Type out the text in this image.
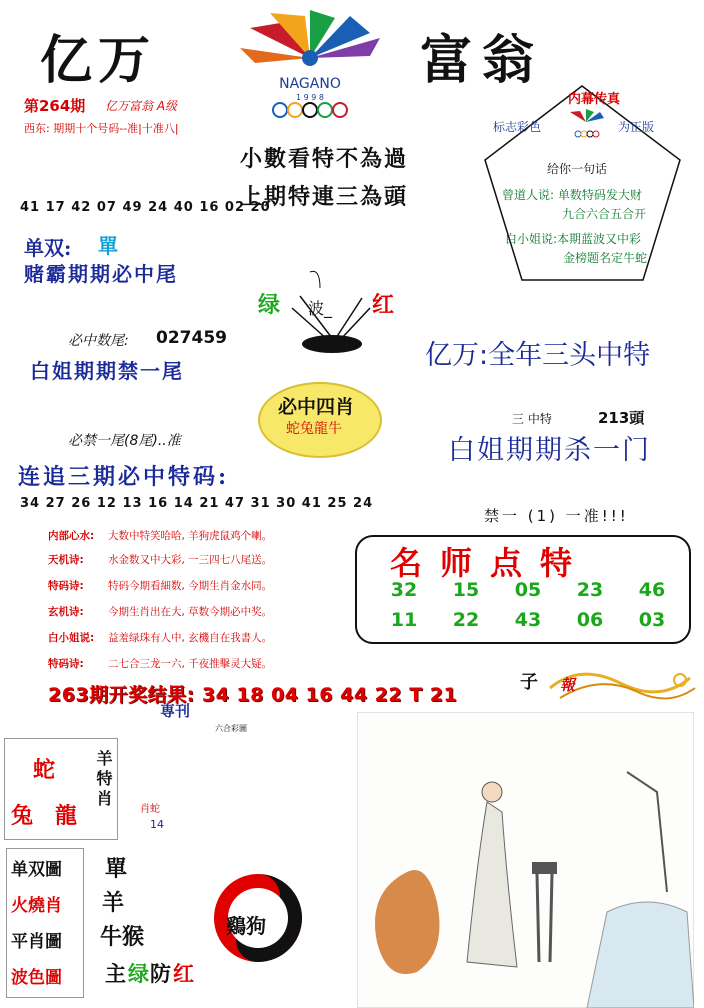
亿万	富翁
NAGANO
1 9 9 8
第264期 亿万富翁 A级
西东: 期期十个号码--准|十准八|
小數看特不為過
上期特連三為頭
内幕传真
标志彩色	为正版
给你一句话
曾道人说: 单数特码发大财
九合六合五合开
白小姐说:本期蓝波又中彩
金榜题名定牛蛇
41 17 42 07 49 24 40 16 02 20
单双: 單
赌霸期期必中尾
绿 波_ 红
必中数尾: 027459
白姐期期禁一尾	亿万:全年三头中特
必中四肖
蛇兔龍牛
必禁一尾(8尾)..准
三 中特	213頭
白姐期期杀一门
连追三期必中特码:
34 27 26 12 13 16 14 21 47 31 30 41 25 24
禁一 (1) 一准!!!
内部心水: 大数中特笑哈哈, 羊狗虎鼠鸡个喇。
天机诗: 水金数又中大彩, 一三四七八尾送。
特码诗: 特码今期看細数, 今期生肖金水同。
玄机诗: 今期生肖出在大, 草数今期必中奖。
白小姐说: 益羞绿珠有人中, 玄機自在我書人。
特码诗: 二七合三龙一六, 千夜推擊灵大疑。
32	15	05	23	46
11	22	43	06	03
名师点特
263期开奖结果: 34 18 04 16 44 22 T 21
子 報
専刊
六合彩圖
蛇
兔 龍
羊特肖	肖蛇
14
单双圖
火燒肖
平肖圖
波色圖
單
羊
牛猴
主 绿 防 红
鷄狗
